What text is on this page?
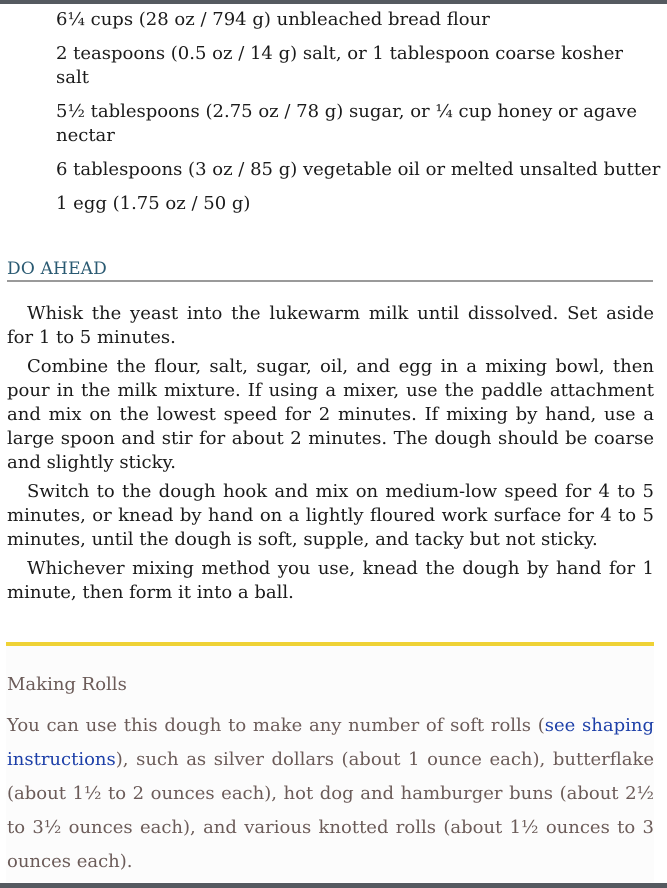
6¼ cups (28 oz / 794 g) unbleached bread flour

2 teaspoons (0.5 oz / 14 g) salt, or 1 tablespoon coarse kosher salt

5½ tablespoons (2.75 oz / 78 g) sugar, or ¼ cup honey or agave nectar

6 tablespoons (3 oz / 85 g) vegetable oil or melted unsalted butter

1 egg (1.75 oz / 50 g)

DO AHEAD

Whisk the yeast into the lukewarm milk until dissolved. Set aside for 1 to 5 minutes.

Combine the flour, salt, sugar, oil, and egg in a mixing bowl, then pour in the milk mixture. If using a mixer, use the paddle attachment and mix on the lowest speed for 2 minutes. If mixing by hand, use a large spoon and stir for about 2 minutes. The dough should be coarse and slightly sticky.

Switch to the dough hook and mix on medium-low speed for 4 to 5 minutes, or knead by hand on a lightly floured work surface for 4 to 5 minutes, until the dough is soft, supple, and tacky but not sticky.

Whichever mixing method you use, knead the dough by hand for 1 minute, then form it into a ball.

Making Rolls
You can use this dough to make any number of soft rolls (see shaping instructions), such as silver dollars (about 1 ounce each), butterflake (about 1½ to 2 ounces each), hot dog and hamburger buns (about 2½ to 3½ ounces each), and various knotted rolls (about 1½ ounces to 3 ounces each).
